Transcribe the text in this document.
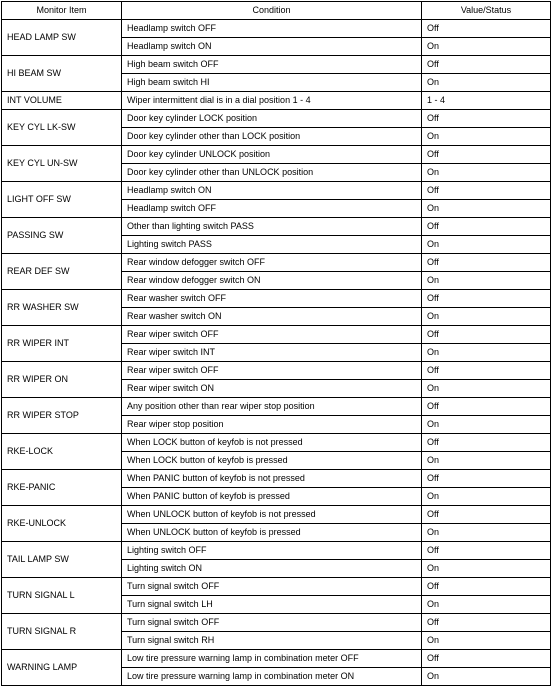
Monitor Item	Condition	Value/Status
HEAD LAMP SW	Headlamp switch OFF	Off
	Headlamp switch ON	On
HI BEAM SW	High beam switch OFF	Off
	High beam switch HI	On
INT VOLUME	Wiper intermittent dial is in a dial position 1 - 4	1 - 4
KEY CYL LK-SW	Door key cylinder LOCK position	Off
	Door key cylinder other than LOCK position	On
KEY CYL UN-SW	Door key cylinder UNLOCK position	Off
	Door key cylinder other than UNLOCK position	On
LIGHT OFF SW	Headlamp switch ON	Off
	Headlamp switch OFF	On
PASSING SW	Other than lighting switch PASS	Off
	Lighting switch PASS	On
REAR DEF SW	Rear window defogger switch OFF	Off
	Rear window defogger switch ON	On
RR WASHER SW	Rear washer switch OFF	Off
	Rear washer switch ON	On
RR WIPER INT	Rear wiper switch OFF	Off
	Rear wiper switch INT	On
RR WIPER ON	Rear wiper switch OFF	Off
	Rear wiper switch ON	On
RR WIPER STOP	Any position other than rear wiper stop position	Off
	Rear wiper stop position	On
RKE-LOCK	When LOCK button of keyfob is not pressed	Off
	When LOCK button of keyfob is pressed	On
RKE-PANIC	When PANIC button of keyfob is not pressed	Off
	When PANIC button of keyfob is pressed	On
RKE-UNLOCK	When UNLOCK button of keyfob is not pressed	Off
	When UNLOCK button of keyfob is pressed	On
TAIL LAMP SW	Lighting switch OFF	Off
	Lighting switch ON	On
TURN SIGNAL L	Turn signal switch OFF	Off
	Turn signal switch LH	On
TURN SIGNAL R	Turn signal switch OFF	Off
	Turn signal switch RH	On
WARNING LAMP	Low tire pressure warning lamp in combination meter OFF	Off
	Low tire pressure warning lamp in combination meter ON	On
